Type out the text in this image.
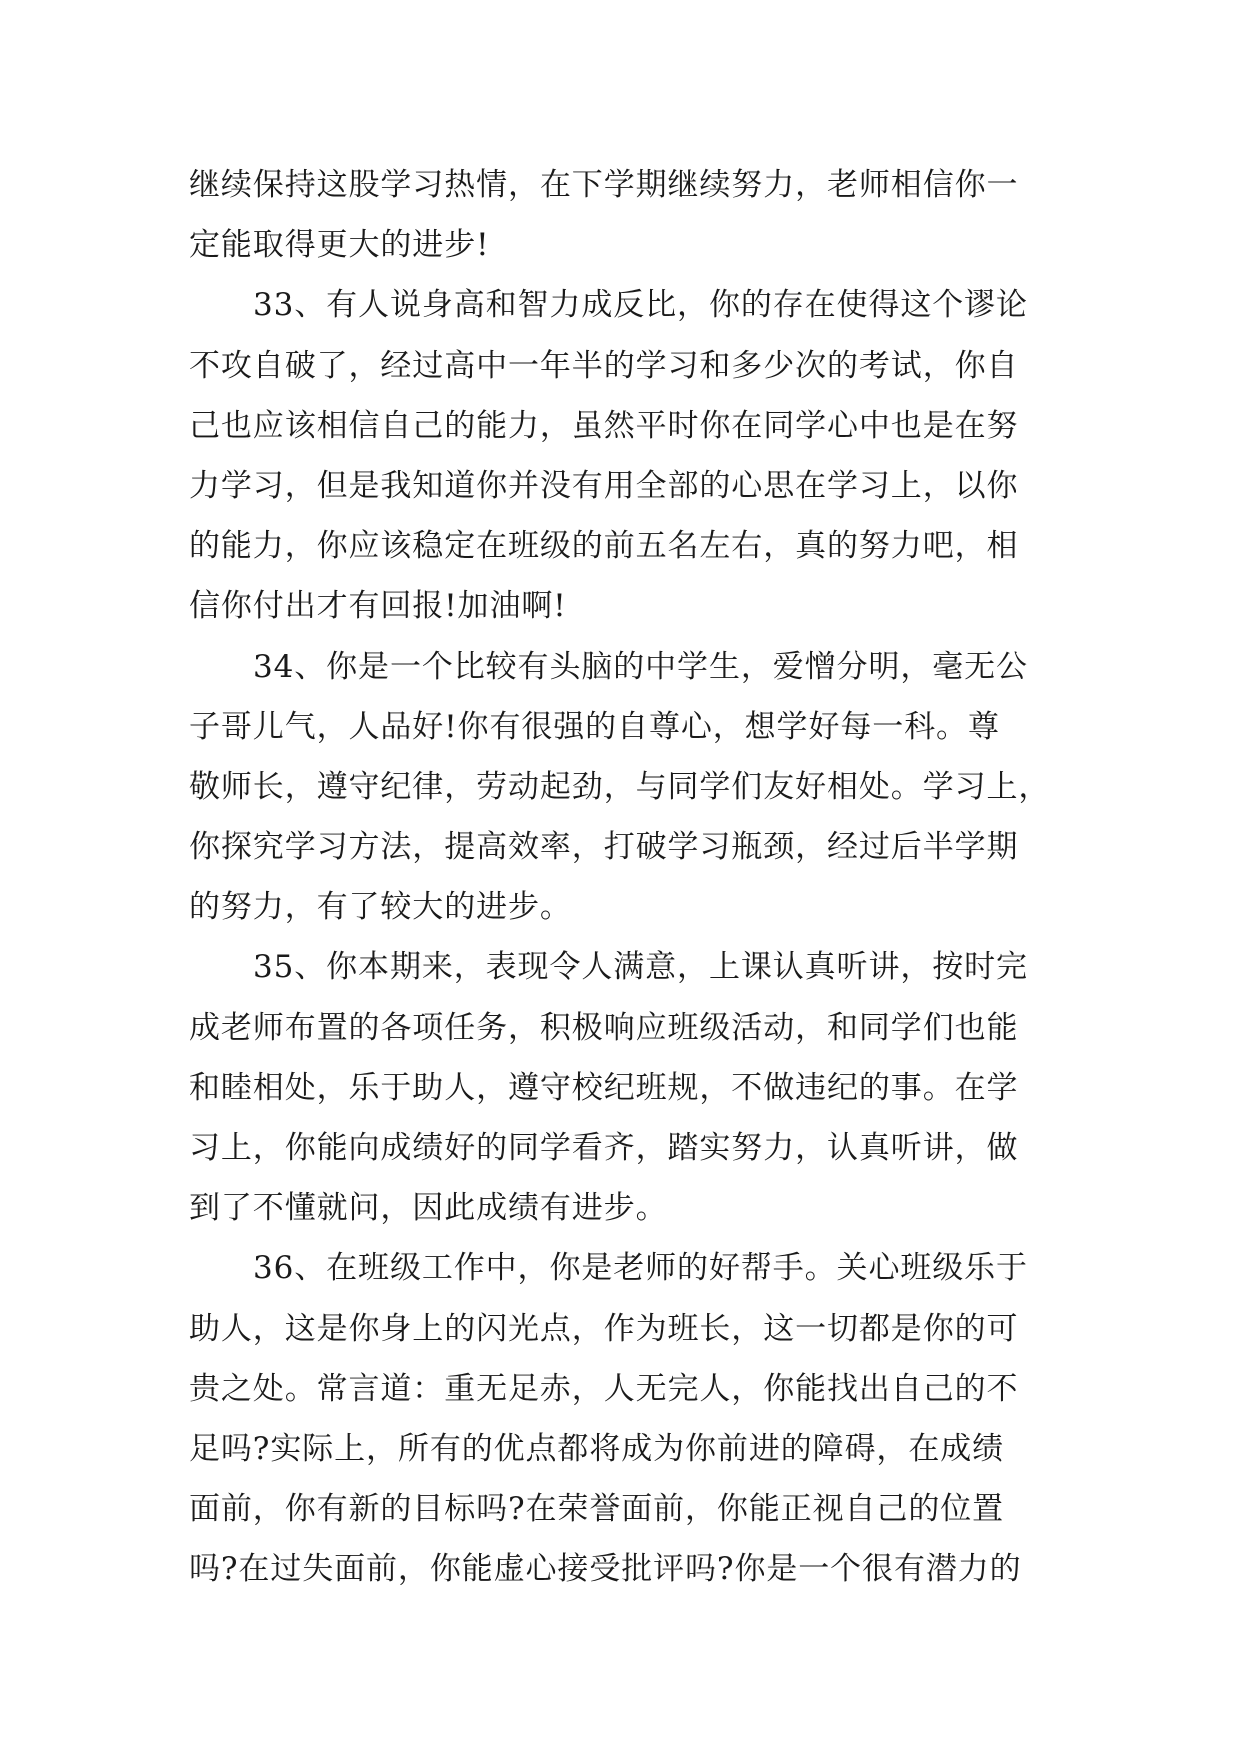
继续保持这股学习热情，在下学期继续努力，老师相信你一
定能取得更大的进步!
33、有人说身高和智力成反比，你的存在使得这个谬论
不攻自破了，经过高中一年半的学习和多少次的考试，你自
己也应该相信自己的能力，虽然平时你在同学心中也是在努
力学习，但是我知道你并没有用全部的心思在学习上，以你
的能力，你应该稳定在班级的前五名左右，真的努力吧，相
信你付出才有回报!加油啊!
34、你是一个比较有头脑的中学生，爱憎分明，毫无公
子哥儿气，人品好!你有很强的自尊心，想学好每一科。尊
敬师长，遵守纪律，劳动起劲，与同学们友好相处。学习上，
你探究学习方法，提高效率，打破学习瓶颈，经过后半学期
的努力，有了较大的进步。
35、你本期来，表现令人满意，上课认真听讲，按时完
成老师布置的各项任务，积极响应班级活动，和同学们也能
和睦相处，乐于助人，遵守校纪班规，不做违纪的事。在学
习上，你能向成绩好的同学看齐，踏实努力，认真听讲，做
到了不懂就问，因此成绩有进步。
36、在班级工作中，你是老师的好帮手。关心班级乐于
助人，这是你身上的闪光点，作为班长，这一切都是你的可
贵之处。常言道：重无足赤，人无完人，你能找出自己的不
足吗?实际上，所有的优点都将成为你前进的障碍，在成绩
面前，你有新的目标吗?在荣誉面前，你能正视自己的位置
吗?在过失面前，你能虚心接受批评吗?你是一个很有潜力的
